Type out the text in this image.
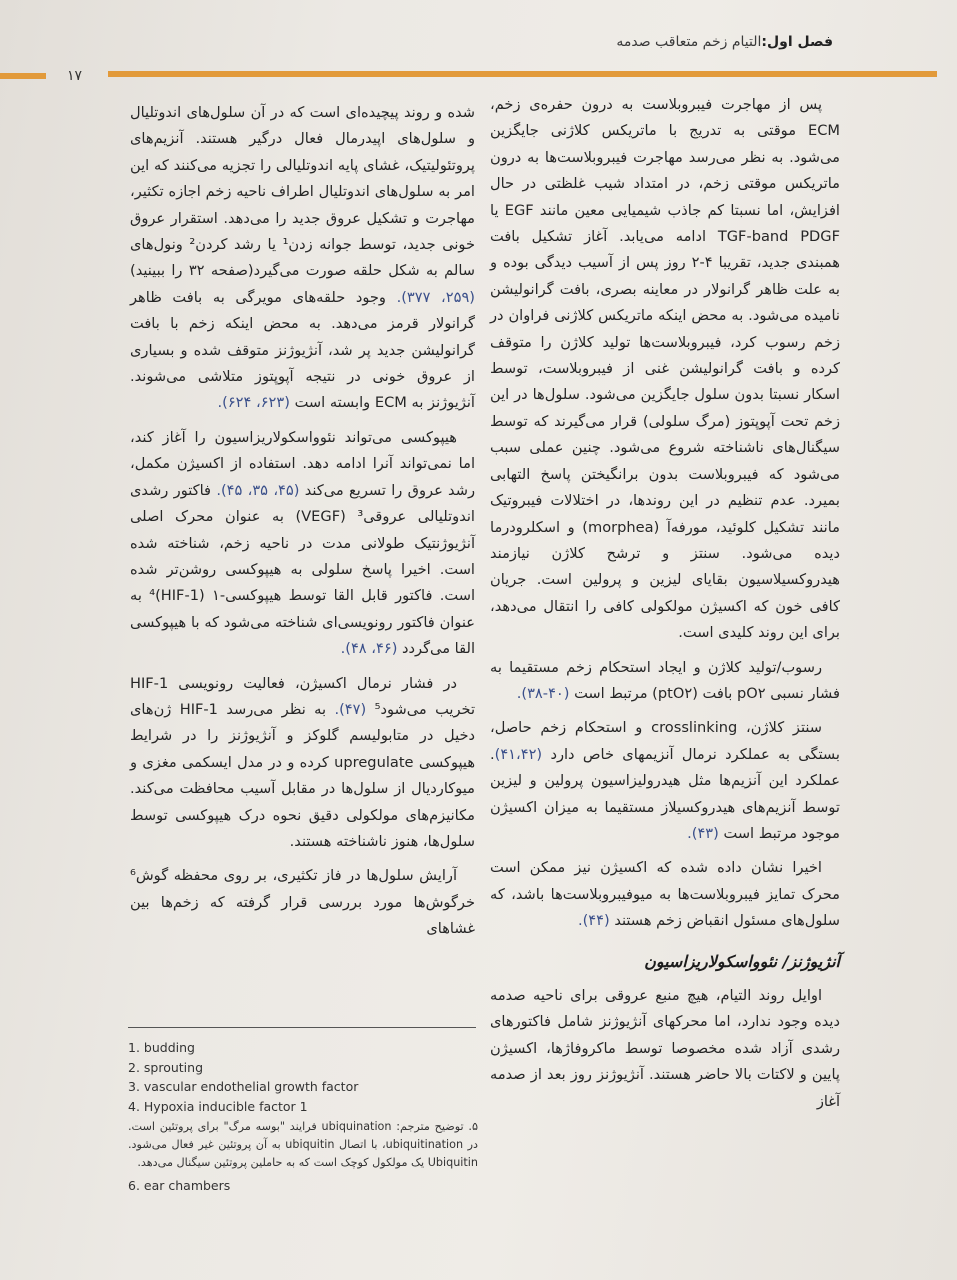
فصل اول:التیام زخم متعاقب صدمه
۱۷

پس از مهاجرت فیبروبلاست به درون حفره‌ی زخم، ECM موقتی به تدریج با ماتریکس کلاژنی جایگزین می‌شود. به نظر می‌رسد مهاجرت فیبروبلاست‌ها به درون ماتریکس موقتی زخم، در امتداد شیب غلظتی در حال افزایش، اما نسبتا کم جاذب شیمیایی معین مانند EGF یا TGF-band PDGF ادامه می‌یابد. آغاز تشکیل بافت همبندی جدید، تقریبا ۴-۲ روز پس از آسیب دیدگی بوده و به علت ظاهر گرانولار در معاینه بصری، بافت گرانولیشن نامیده می‌شود. به محض اینکه ماتریکس کلاژنی فراوان در زخم رسوب کرد، فیبروبلاست‌ها تولید کلاژن را متوقف کرده و بافت گرانولیشن غنی از فیبروبلاست، توسط اسکار نسبتا بدون سلول جایگزین می‌شود. سلول‌ها در این زخم تحت آپوپتوز (مرگ سلولی) قرار می‌گیرند که توسط سیگنال‌های ناشناخته شروع می‌شود. چنین عملی سبب می‌شود که فیبروبلاست بدون برانگیختن پاسخ التهابی بمیرد. عدم تنظیم در این روندها، در اختلالات فیبروتیک مانند تشکیل کلوئید، مورفه‌آ (morphea) و اسکلرودرما دیده می‌شود. سنتز و ترشح کلاژن نیازمند هیدروکسیلاسیون بقایای لیزین و پرولین است. جریان کافی خون که اکسیژن مولکولی کافی را انتقال می‌دهد، برای این روند کلیدی است.

رسوب/تولید کلاژن و ایجاد استحکام زخم مستقیما به فشار نسبی pO۲ بافت (p‌tO۲) مرتبط است (۴۰-۳۸).

سنتز کلاژن، crosslinking و استحکام زخم حاصل، بستگی به عملکرد نرمال آنزیمهای خاص دارد (۴۱،۴۲). عملکرد این آنزیم‌ها مثل هیدرولیزاسیون پرولین و لیزین توسط آنزیم‌های هیدروکسیلاز مستقیما به میزان اکسیژن موجود مرتبط است (۴۳).

اخیرا نشان داده شده که اکسیژن نیز ممکن است محرک تمایز فیبروبلاست‌ها به میوفیبروبلاست‌ها باشد، که سلول‌های مسئول انقباض زخم هستند (۴۴).

آنژیوژنز/ نئوواسکولاریزاسیون

اوایل روند التیام، هیچ منبع عروقی برای ناحیه صدمه دیده وجود ندارد، اما محرکهای آنژیوژنز شامل فاکتورهای رشدی آزاد شده مخصوصا توسط ماکروفاژها، اکسیژن پایین و لاکتات بالا حاضر هستند. آنژیوژنز روز بعد از صدمه آغاز

شده و روند پیچیده‌ای است که در آن سلول‌های اندوتلیال و سلول‌های اپیدرمال فعال درگیر هستند. آنزیم‌های پروتئولیتیک، غشای پایه اندوتلیالی را تجزیه می‌کنند که این امر به سلول‌های اندوتلیال اطراف ناحیه زخم اجازه تکثیر، مهاجرت و تشکیل عروق جدید را می‌دهد. استقرار عروق خونی جدید، توسط جوانه زدن¹ یا رشد کردن² ونول‌های سالم به شکل حلقه صورت می‌گیرد(صفحه ۳۲ را ببینید) (۲۵۹، ۳۷۷). وجود حلقه‌های مویرگی به بافت ظاهر گرانولار قرمز می‌دهد. به محض اینکه زخم با بافت گرانولیشن جدید پر شد، آنژیوژنز متوقف شده و بسیاری از عروق خونی در نتیجه آپوپتوز متلاشی می‌شوند. آنژیوژنز به ECM وابسته است (۶۲۳، ۶۲۴).

هیپوکسی می‌تواند نئوواسکولاریزاسیون را آغاز کند، اما نمی‌تواند آنرا ادامه دهد. استفاده از اکسیژن مکمل، رشد عروق را تسریع می‌کند (۴۵، ۳۵، ۴۵). فاکتور رشدی اندوتلیالی عروقی³ (VEGF) به عنوان محرک اصلی آنژیوژنتیک طولانی مدت در ناحیه زخم، شناخته شده است. اخیرا پاسخ سلولی به هیپوکسی روشن‌تر شده است. فاکتور قابل القا توسط هیپوکسی-۱ (HIF-1)⁴ به عنوان فاکتور رونویسی‌ای شناخته می‌شود که با هیپوکسی القا می‌گردد (۴۶، ۴۸).

در فشار نرمال اکسیژن، فعالیت رونویسی HIF-1 تخریب می‌شود⁵ (۴۷). به نظر می‌رسد HIF-1 ژن‌های دخیل در متابولیسم گلوکز و آنژیوژنز را در شرایط هیپوکسی upregulate کرده و در مدل ایسکمی مغزی و میوکاردیال از سلول‌ها در مقابل آسیب محافظت می‌کند. مکانیزم‌های مولکولی دقیق نحوه درک هیپوکسی توسط سلول‌ها، هنوز ناشناخته هستند.

آرایش سلول‌ها در فاز تکثیری، بر روی محفظه گوش⁶ خرگوش‌ها مورد بررسی قرار گرفته که زخم‌ها بین غشاهای

1. budding
2. sprouting
3. vascular endothelial growth factor
4. Hypoxia inducible factor 1
۵. توضیح مترجم: ubiquination فرایند "بوسه مرگ" برای پروتئین است. در ubiquitination، با اتصال ubiquitin به آن پروتئین غیر فعال می‌شود. Ubiquitin یک مولکول کوچک است که به حاملین پروتئین سیگنال می‌دهد.
6. ear chambers
